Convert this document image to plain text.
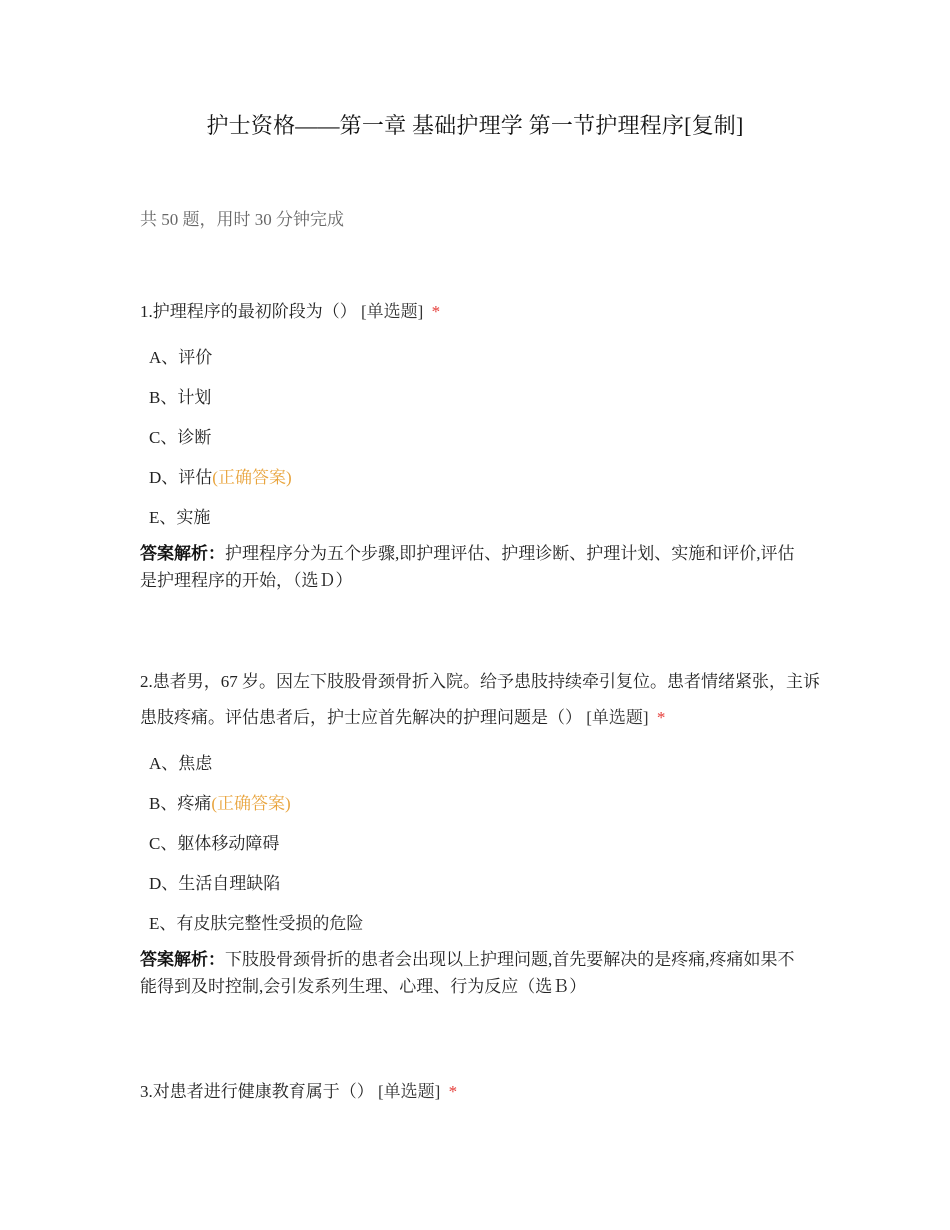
护士资格——第一章 基础护理学 第一节护理程序[复制]
共 50 题，用时 30 分钟完成
1.护理程序的最初阶段为（） [单选题] *
A、评价
B、计划
C、诊断
D、评估(正确答案)
E、实施
答案解析：护理程序分为五个步骤,即护理评估、护理诊断、护理计划、实施和评价,评估是护理程序的开始，（选Ｄ）
2.患者男，67 岁。因左下肢股骨颈骨折入院。给予患肢持续牵引复位。患者情绪紧张，主诉患肢疼痛。评估患者后，护士应首先解决的护理问题是（） [单选题] *
A、焦虑
B、疼痛(正确答案)
C、躯体移动障碍
D、生活自理缺陷
E、有皮肤完整性受损的危险
答案解析：下肢股骨颈骨折的患者会出现以上护理问题,首先要解决的是疼痛,疼痛如果不能得到及时控制,会引发系列生理、心理、行为反应（选Ｂ）
3.对患者进行健康教育属于（） [单选题] *
